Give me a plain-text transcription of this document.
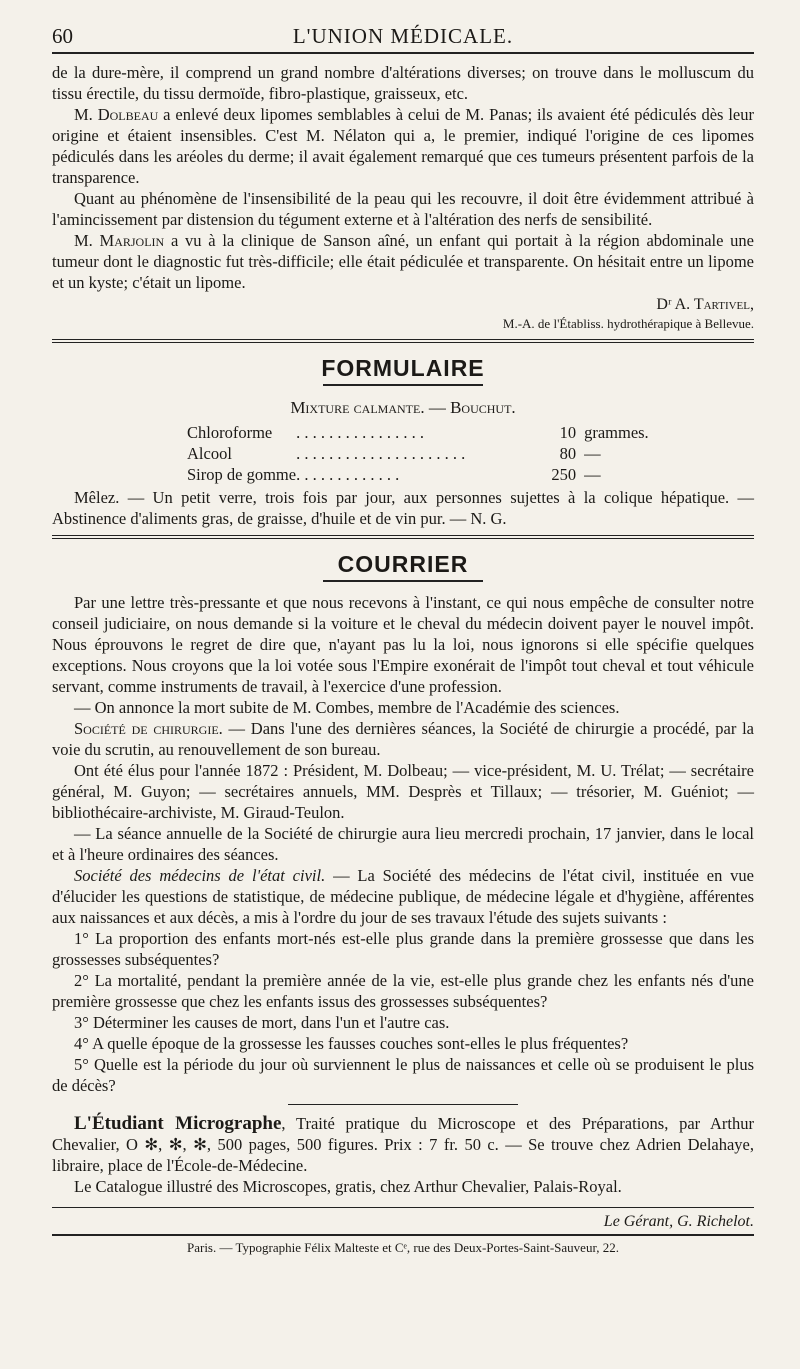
60	L'UNION MÉDICALE.

de la dure-mère, il comprend un grand nombre d'altérations diverses; on trouve dans le molluscum du tissu érectile, du tissu dermoïde, fibro-plastique, graisseux, etc.

M. Dolbeau a enlevé deux lipomes semblables à celui de M. Panas; ils avaient été pédiculés dès leur origine et étaient insensibles. C'est M. Nélaton qui a, le premier, indiqué l'origine de ces lipomes pédiculés dans les aréoles du derme; il avait également remarqué que ces tumeurs présentent parfois de la transparence.

Quant au phénomène de l'insensibilité de la peau qui les recouvre, il doit être évidemment attribué à l'amincissement par distension du tégument externe et à l'altération des nerfs de sensibilité.

M. Marjolin a vu à la clinique de Sanson aîné, un enfant qui portait à la région abdominale une tumeur dont le diagnostic fut très-difficile; elle était pédiculée et transparente. On hésitait entre un lipome et un kyste; c'était un lipome.

Dʳ A. Tartivel,
M.-A. de l'Établiss. hydrothérapique à Bellevue.
FORMULAIRE
Mixture calmante. — Bouchut.
Chloroforme	. . . . . . . . . . . . . . . .	10	grammes.
Alcool	. . . . . . . . . . . . . . . . . . . . .	80	—
Sirop de gomme	. . . . . . . . . . . . .	250	—

Mêlez. — Un petit verre, trois fois par jour, aux personnes sujettes à la colique hépatique. — Abstinence d'aliments gras, de graisse, d'huile et de vin pur. — N. G.

COURRIER

Par une lettre très-pressante et que nous recevons à l'instant, ce qui nous empêche de consulter notre conseil judiciaire, on nous demande si la voiture et le cheval du médecin doivent payer le nouvel impôt. Nous éprouvons le regret de dire que, n'ayant pas lu la loi, nous ignorons si elle spécifie quelques exceptions. Nous croyons que la loi votée sous l'Empire exonérait de l'impôt tout cheval et tout véhicule servant, comme instruments de travail, à l'exercice d'une profession.

— On annonce la mort subite de M. Combes, membre de l'Académie des sciences.

Société de chirurgie. — Dans l'une des dernières séances, la Société de chirurgie a procédé, par la voie du scrutin, au renouvellement de son bureau.

Ont été élus pour l'année 1872 : Président, M. Dolbeau; — vice-président, M. U. Trélat; — secrétaire général, M. Guyon; — secrétaires annuels, MM. Desprès et Tillaux; — trésorier, M. Guéniot; — bibliothécaire-archiviste, M. Giraud-Teulon.

— La séance annuelle de la Société de chirurgie aura lieu mercredi prochain, 17 janvier, dans le local et à l'heure ordinaires des séances.

Société des médecins de l'état civil. — La Société des médecins de l'état civil, instituée en vue d'élucider les questions de statistique, de médecine publique, de médecine légale et d'hygiène, afférentes aux naissances et aux décès, a mis à l'ordre du jour de ses travaux l'étude des sujets suivants :

1° La proportion des enfants mort-nés est-elle plus grande dans la première grossesse que dans les grossesses subséquentes?

2° La mortalité, pendant la première année de la vie, est-elle plus grande chez les enfants nés d'une première grossesse que chez les enfants issus des grossesses subséquentes?

3° Déterminer les causes de mort, dans l'un et l'autre cas.

4° A quelle époque de la grossesse les fausses couches sont-elles le plus fréquentes?

5° Quelle est la période du jour où surviennent le plus de naissances et celle où se produisent le plus de décès?

L'Étudiant Micrographe, Traité pratique du Microscope et des Préparations, par Arthur Chevalier, O ✻, ✻, ✻, 500 pages, 500 figures. Prix : 7 fr. 50 c. — Se trouve chez Adrien Delahaye, libraire, place de l'École-de-Médecine.

Le Catalogue illustré des Microscopes, gratis, chez Arthur Chevalier, Palais-Royal.

Le Gérant, G. Richelot.
Paris. — Typographie Félix Malteste et Cᵉ, rue des Deux-Portes-Saint-Sauveur, 22.
